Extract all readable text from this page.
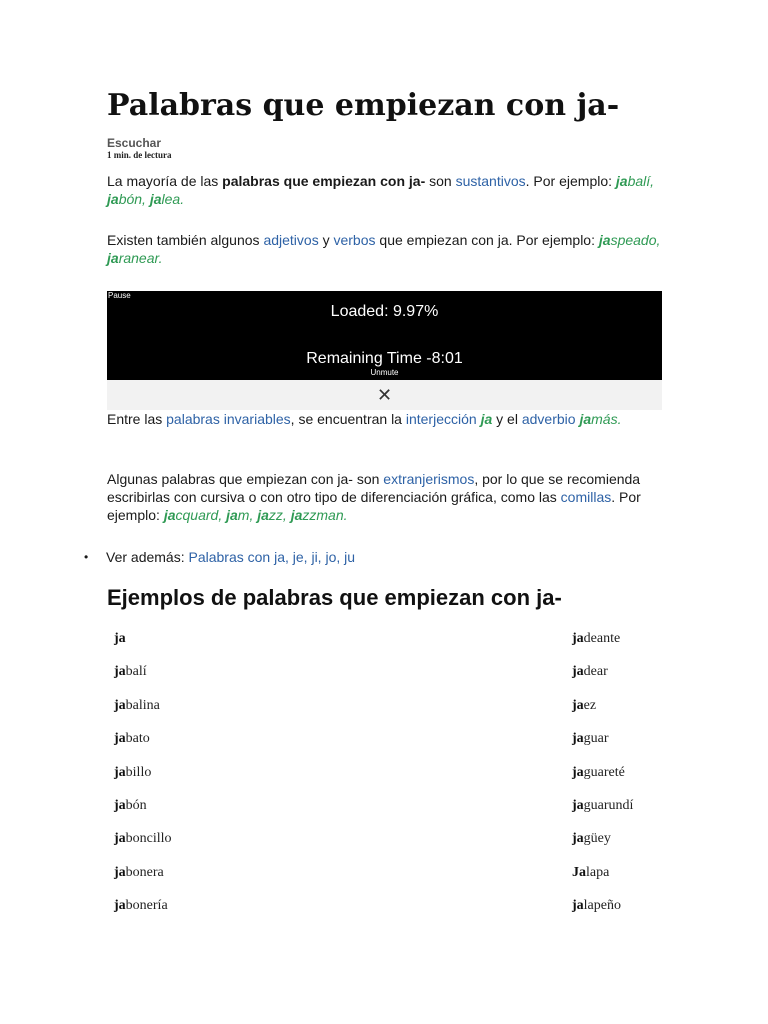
Palabras que empiezan con ja-
Escuchar
1 min. de lectura

La mayoría de las palabras que empiezan con ja- son sustantivos. Por ejemplo: jabalí, jabón, jalea.

Existen también algunos adjetivos y verbos que empiezan con ja. Por ejemplo: jaspeado, jaranear.

Pause
Loaded: 9.97%
Remaining Time -8:01
Unmute
✕

Entre las palabras invariables, se encuentran la interjección ja y el adverbio jamás.

Algunas palabras que empiezan con ja- son extranjerismos, por lo que se recomienda escribirlas con cursiva o con otro tipo de diferenciación gráfica, como las comillas. Por ejemplo: jacquard, jam, jazz, jazzman.

• Ver además: Palabras con ja, je, ji, jo, ju
Ejemplos de palabras que empiezan con ja-
ja
jabalí
jabalina
jabato
jabillo
jabón
jaboncillo
jabonera
jabonería
jadeante
jadear
jaez
jaguar
jaguareté
jaguarundí
jagüey
Jalapa
jalapeño
